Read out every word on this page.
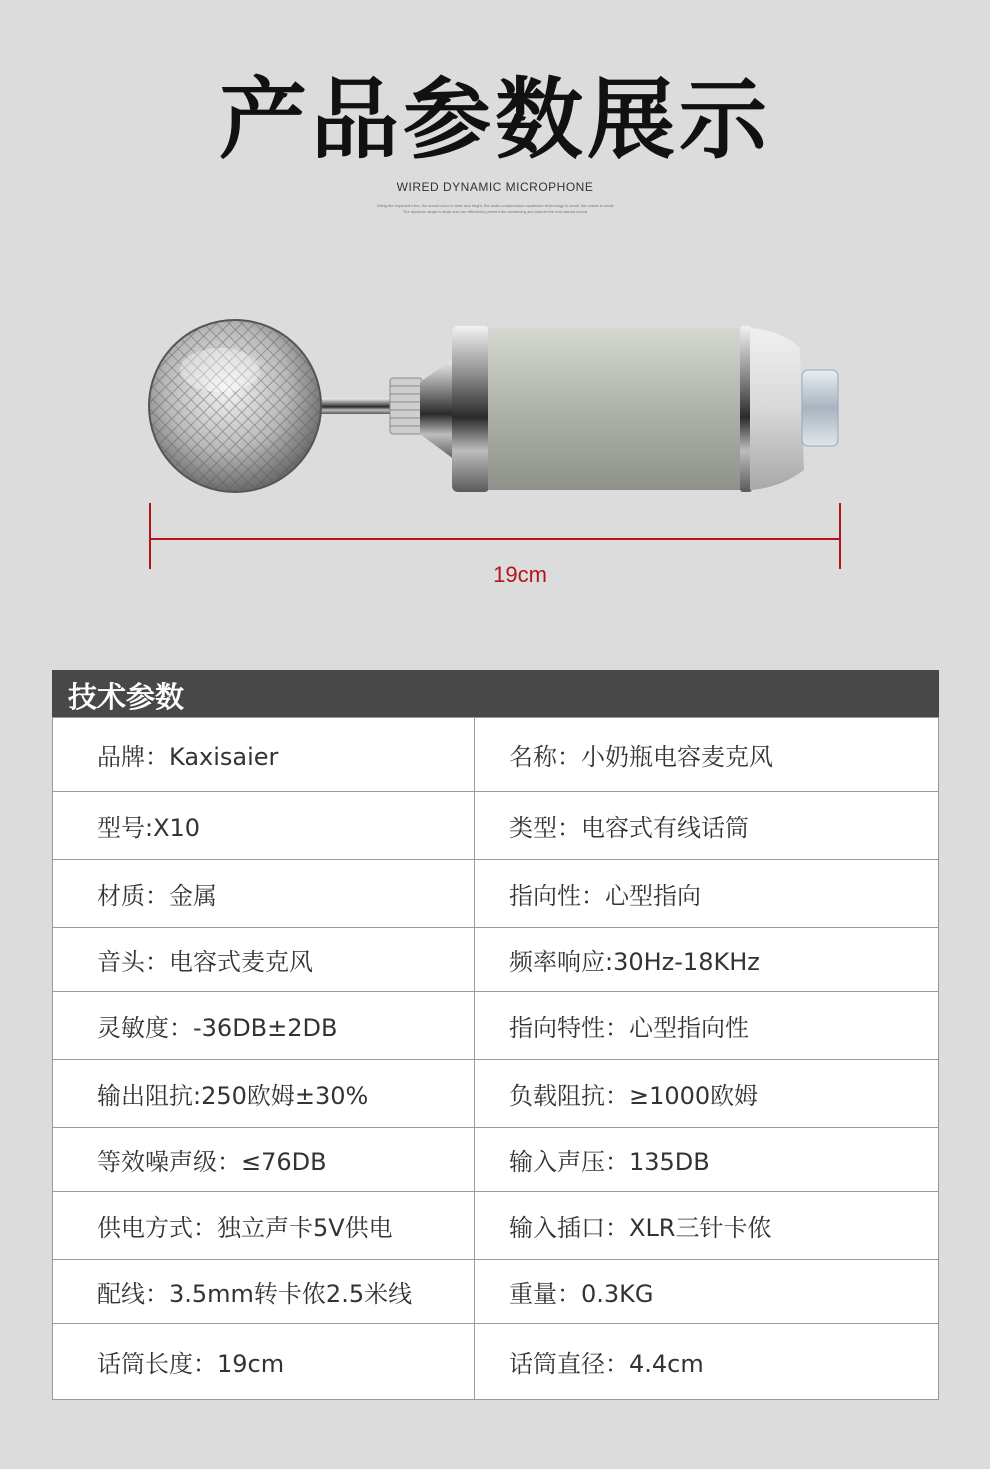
产品参数展示
WIRED DYNAMIC MICROPHONE
Using the imported mics, the sound color is clear and bright, the audio compression expansion technology is small, the noises is small
The dynamic range is large and can effectively prevent the screaming and restore the real natural sound
19cm
技术参数
品牌：Kaxisaier	名称：小奶瓶电容麦克风
型号:X10	类型：电容式有线话筒
材质：金属	指向性：心型指向
音头：电容式麦克风	频率响应:30Hz-18KHz
灵敏度：-36DB±2DB	指向特性：心型指向性
输出阻抗:250欧姆±30%	负载阻抗：≥1000欧姆
等效噪声级：≤76DB	输入声压：135DB
供电方式：独立声卡5V供电	输入插口：XLR三针卡侬
配线：3.5mm转卡侬2.5米线	重量：0.3KG
话筒长度：19cm	话筒直径：4.4cm
